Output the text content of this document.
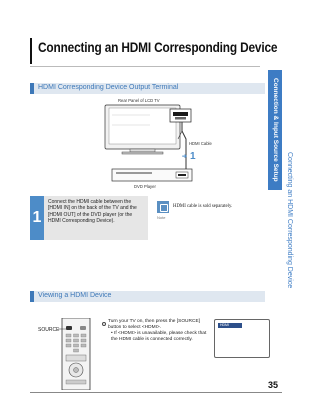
Connecting an HDMI Corresponding Device
Connection & Input Source Setup
Connecting an HDMI Corresponding Device
HDMI Corresponding Device Output Terminal
Rear Panel of LCD TV
HDMI Cable
1
➔
DVD Player
1
Connect the HDMI cable between the [HDMI IN] on the back of the TV and the [HDMI OUT] of the DVD player (or the HDMI Corresponding Device).
Note
HDMI cable is sold separately.
Viewing a HDMI Device
SOURCE
Turn your TV on, then press the [SOURCE] button to select <HDMI>.
• If <HDMI> is unavailable, please check that the HDMI cable is connected correctly.
HDMI
35
